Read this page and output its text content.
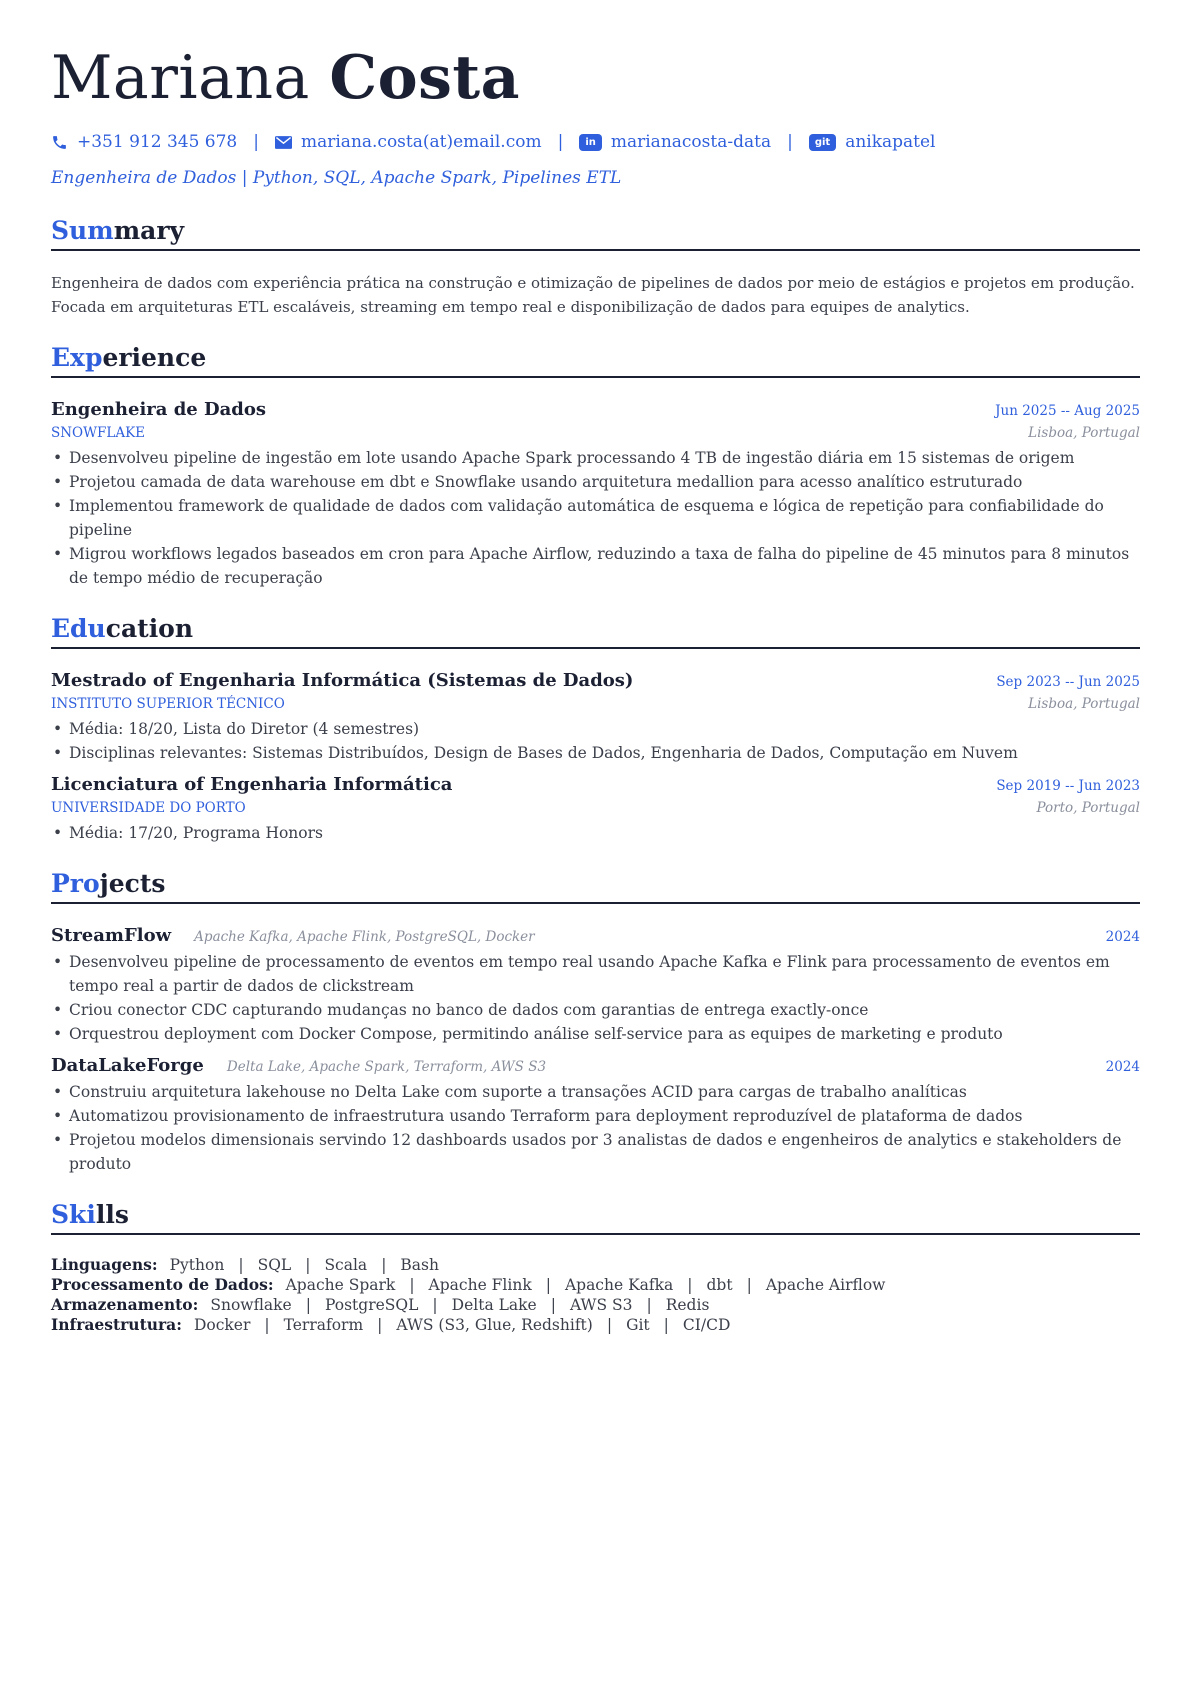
Mariana Costa
+351 912 345 678 | mariana.costa(at)email.com |	in marianacosta-data |	git anikapatel
Engenheira de Dados | Python, SQL, Apache Spark, Pipelines ETL
Summary
Engenheira de dados com experiência prática na construção e otimização de pipelines de dados por meio de estágios e projetos em produção. Focada em arquiteturas ETL escaláveis, streaming em tempo real e disponibilização de dados para equipes de analytics.
Experience
Engenheira de Dados	Jun 2025 -- Aug 2025
SNOWFLAKE	Lisboa, Portugal
• Desenvolveu pipeline de ingestão em lote usando Apache Spark processando 4 TB de ingestão diária em 15 sistemas de origem
• Projetou camada de data warehouse em dbt e Snowflake usando arquitetura medallion para acesso analítico estruturado
• Implementou framework de qualidade de dados com validação automática de esquema e lógica de repetição para confiabilidade do pipeline
• Migrou workflows legados baseados em cron para Apache Airflow, reduzindo a taxa de falha do pipeline de 45 minutos para 8 minutos de tempo médio de recuperação
Education
Mestrado of Engenharia Informática (Sistemas de Dados)	Sep 2023 -- Jun 2025
INSTITUTO SUPERIOR TÉCNICO	Lisboa, Portugal
• Média: 18/20, Lista do Diretor (4 semestres)
• Disciplinas relevantes: Sistemas Distribuídos, Design de Bases de Dados, Engenharia de Dados, Computação em Nuvem
Licenciatura of Engenharia Informática	Sep 2019 -- Jun 2023
UNIVERSIDADE DO PORTO	Porto, Portugal
• Média: 17/20, Programa Honors
Projects
StreamFlow Apache Kafka, Apache Flink, PostgreSQL, Docker	2024
• Desenvolveu pipeline de processamento de eventos em tempo real usando Apache Kafka e Flink para processamento de eventos em tempo real a partir de dados de clickstream
• Criou conector CDC capturando mudanças no banco de dados com garantias de entrega exactly-once
• Orquestrou deployment com Docker Compose, permitindo análise self-service para as equipes de marketing e produto
DataLakeForge Delta Lake, Apache Spark, Terraform, AWS S3	2024
• Construiu arquitetura lakehouse no Delta Lake com suporte a transações ACID para cargas de trabalho analíticas
• Automatizou provisionamento de infraestrutura usando Terraform para deployment reproduzível de plataforma de dados
• Projetou modelos dimensionais servindo 12 dashboards usados por 3 analistas de dados e engenheiros de analytics e stakeholders de produto
Skills
Linguagens: Python | SQL | Scala | Bash
Processamento de Dados: Apache Spark | Apache Flink | Apache Kafka | dbt | Apache Airflow
Armazenamento: Snowflake | PostgreSQL | Delta Lake | AWS S3 | Redis
Infraestrutura: Docker | Terraform | AWS (S3, Glue, Redshift) | Git | CI/CD
